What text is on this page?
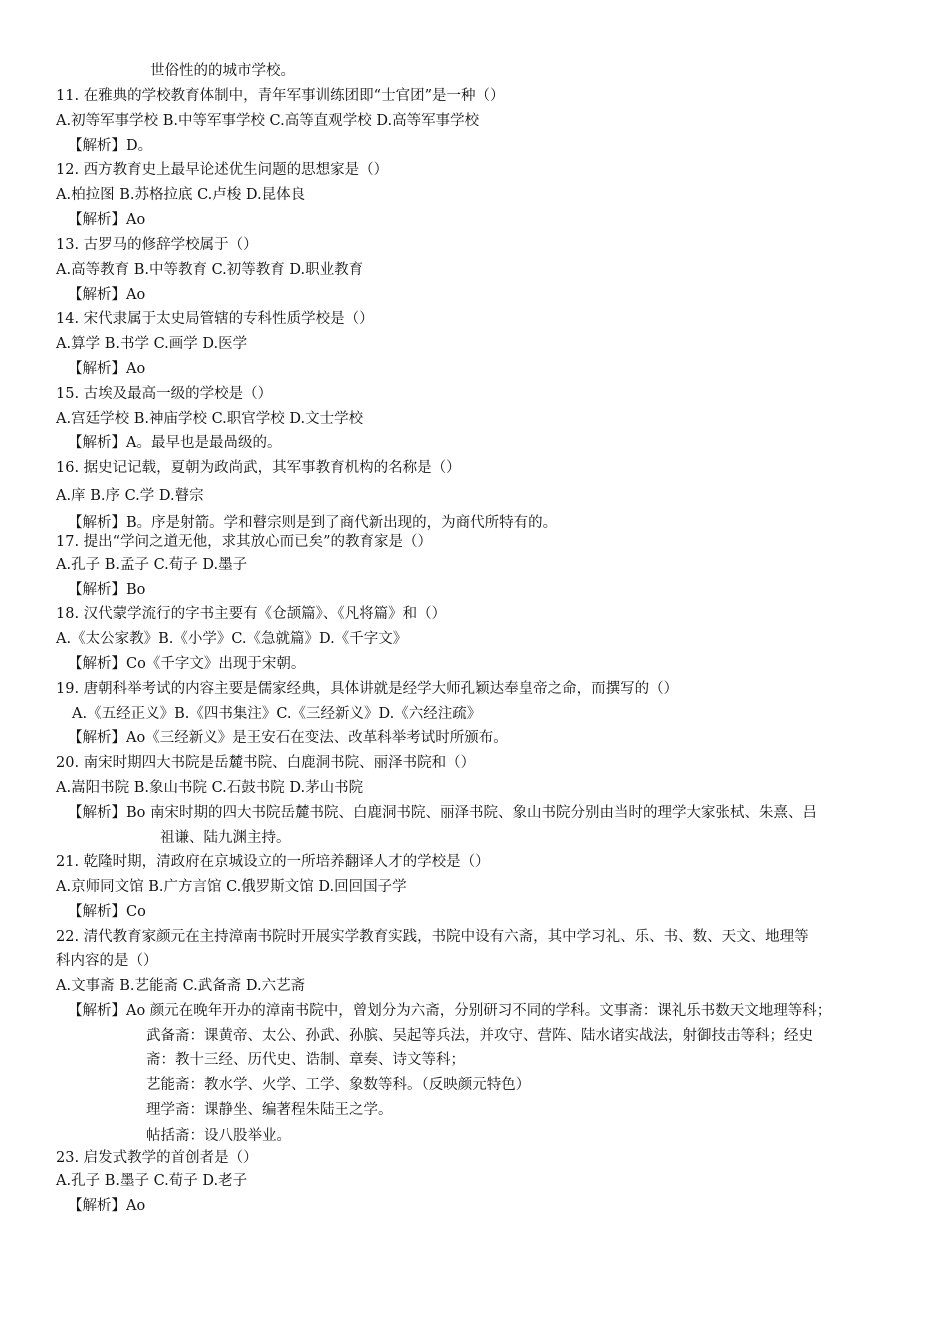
世俗性的的城市学校。
11. 在雅典的学校教育体制中，青年军事训练团即“士官团”是一种（）
A.初等军事学校 B.中等军事学校 C.高等直观学校 D.高等军事学校
【解析】D。
12. 西方教育史上最早论述优生问题的思想家是（）
A.柏拉图 B.苏格拉底 C.卢梭 D.昆体良
【解析】Ao
13. 古罗马的修辞学校属于（）
A.高等教育 B.中等教育 C.初等教育 D.职业教育
【解析】Ao
14. 宋代隶属于太史局管辖的专科性质学校是（）
A.算学 B.书学 C.画学 D.医学
【解析】Ao
15. 古埃及最高一级的学校是（）
A.宫廷学校 B.神庙学校 C.职官学校 D.文士学校
【解析】A。最早也是最咼级的。
16. 据史记记载，夏朝为政尚武，其军事教育机构的名称是（）
A.庠 B.序 C.学 D.瞽宗
【解析】B。序是射箭。学和瞽宗则是到了商代新出现的，为商代所特有的。
17. 提出“学问之道无他，求其放心而已矣”的教育家是（）
A.孔子 B.孟子 C.荀子 D.墨子
【解析】Bo
18. 汉代蒙学流行的字书主要有《仓颉篇》、《凡将篇》和（）
A.《太公家教》B.《小学》C.《急就篇》D.《千字文》
【解析】Co《千字文》出现于宋朝。
19. 唐朝科举考试的内容主要是儒家经典，具体讲就是经学大师孔颖达奉皇帝之命，而撰写的（）
A.《五经正义》B.《四书集注》C.《三经新义》D.《六经注疏》
【解析】Ao《三经新义》是王安石在变法、改革科举考试时所颁布。
20. 南宋时期四大书院是岳麓书院、白鹿洞书院、丽泽书院和（）
A.嵩阳书院 B.象山书院 C.石鼓书院 D.茅山书院
【解析】Bo 南宋时期的四大书院岳麓书院、白鹿洞书院、丽泽书院、象山书院分别由当时的理学大家张栻、朱熹、吕
祖谦、陆九渊主持。
21. 乾隆时期，清政府在京城设立的一所培养翻译人才的学校是（）
A.京师同文馆 B.广方言馆 C.俄罗斯文馆 D.回回国子学
【解析】Co
22. 清代教育家颜元在主持漳南书院时开展实学教育实践，书院中设有六斋，其中学习礼、乐、书、数、天文、地理等
科内容的是（）
A.文事斋 B.艺能斋 C.武备斋 D.六艺斋
【解析】Ao 颜元在晚年开办的漳南书院中，曾划分为六斋，分别研习不同的学科。文事斋：课礼乐书数天文地理等科；
武备斋：课黄帝、太公、孙武、孙膑、吴起等兵法，并攻守、营阵、陆水诸实战法，射御技击等科；经史
斋：教十三经、历代史、诰制、章奏、诗文等科；
艺能斋：教水学、火学、工学、象数等科。（反映颜元特色）
理学斋：课静坐、编著程朱陆王之学。
帖括斋：设八股举业。
23. 启发式教学的首创者是（）
A.孔子 B.墨子 C.荀子 D.老子
【解析】Ao
